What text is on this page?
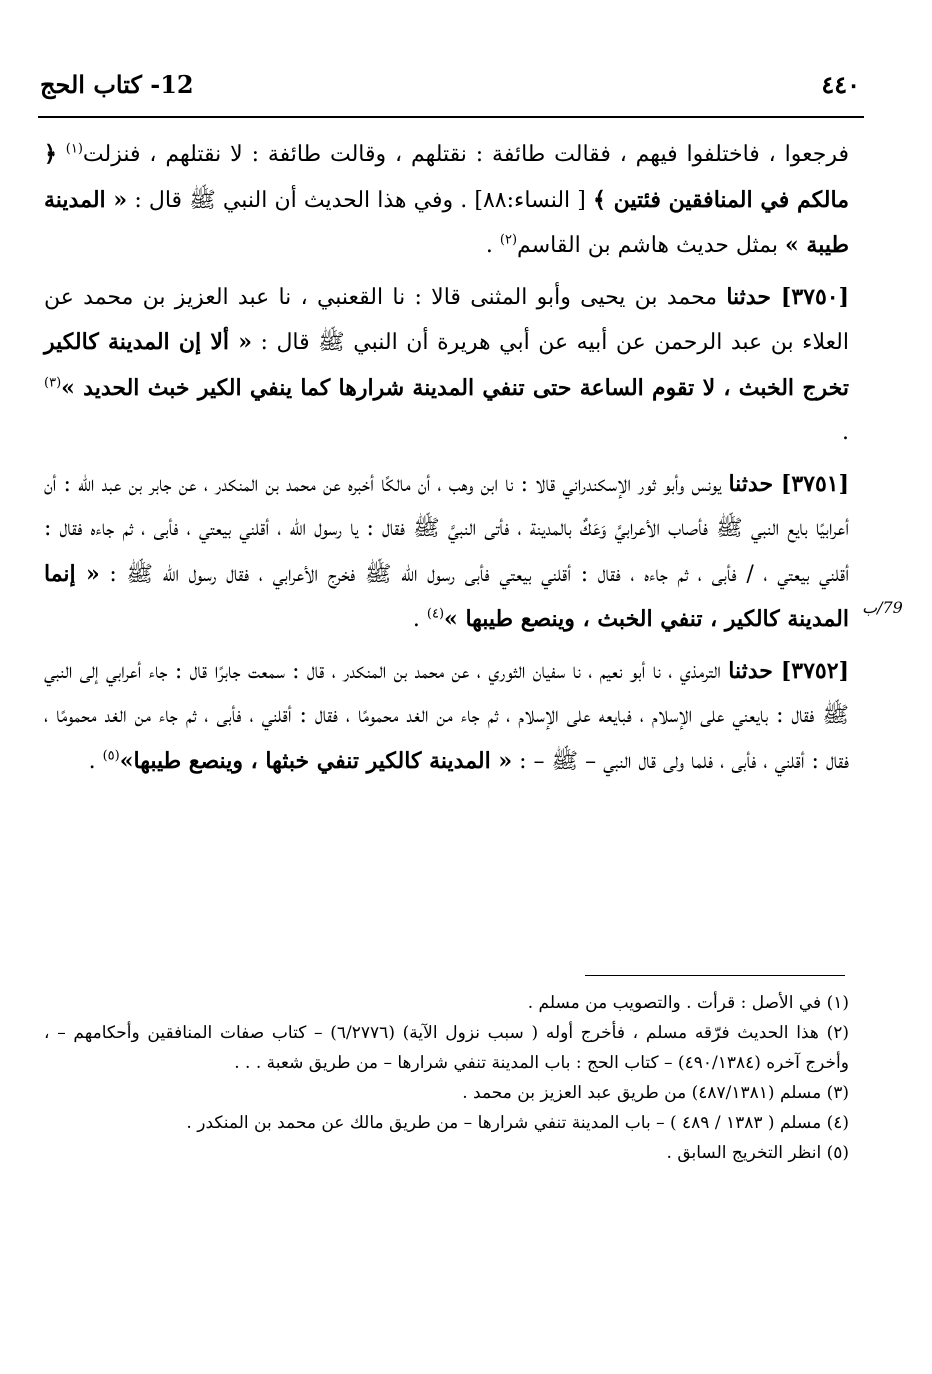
12- كتاب الحج	٤٤٠
79/ب

فرجعوا ، فاختلفوا فيهم ، فقالت طائفة : نقتلهم ، وقالت طائفة : لا نقتلهم ، فنزلت$^{(١)}$ ﴿ مالكم في المنافقين فئتين ﴾ [ النساء:٨٨] . وفي هذا الحديث أن النبي ﷺ قال : « المدينة طيبة » بمثل حديث هاشم بن القاسم$^{(٢)}$ .

[٣٧٥٠] حدثنا محمد بن يحيى وأبو المثنى قالا : نا القعنبي ، نا عبد العزيز بن محمد عن العلاء بن عبد الرحمن عن أبيه عن أبي هريرة أن النبي ﷺ قال : « ألا إن المدينة كالكير تخرج الخبث ، لا تقوم الساعة حتى تنفي المدينة شرارها كما ينفي الكير خبث الحديد »$^{(٣)}$ .

[٣٧٥١] حدثنا يونس وأبو ثور الإسكندراني قالا : نا ابن وهب ، أن مالكًا أخبره عن محمد بن المنكدر ، عن جابر بن عبد الله : أن أعرابيًا بايع النبي ﷺ فأصاب الأعرابيَّ وَعَكٌ بالمدينة ، فأتى النبيَّ ﷺ فقال : يا رسول الله ، أقلني بيعتي ، فأبى ، ثم جاءه فقال : أقلني بيعتي ، / فأبى ، ثم جاءه ، فقال : أقلني بيعتي فأبى رسول الله ﷺ فخرج الأعرابي ، فقال رسول الله ﷺ : « إنما المدينة كالكير ، تنفي الخبث ، وينصع طيبها »$^{(٤)}$ .

[٣٧٥٢] حدثنا الترمذي ، نا أبو نعيم ، نا سفيان الثوري ، عن محمد بن المنكدر ، قال : سمعت جابرًا قال : جاء أعرابي إلى النبي ﷺ فقال : بايعني على الإسلام ، فبايعه على الإسلام ، ثم جاء من الغد محمومًا ، فقال : أقلني ، فأبى ، ثم جاء من الغد محمومًا ، فقال : أقلني ، فأبى ، فلما ولى قال النبي – ﷺ – : « المدينة كالكير تنفي خبثها ، وينصع طيبها»$^{(٥)}$ .

(١) في الأصل : قرأت . والتصويب من مسلم .

(٢) هذا الحديث فرّقه مسلم ، فأخرج أوله ( سبب نزول الآية) (٦/٢٧٧٦) – كتاب صفات المنافقين وأحكامهم – ، وأخرج آخره (٤٩٠/١٣٨٤) – كتاب الحج : باب المدينة تنفي شرارها – من طريق شعبة . . .

(٣) مسلم (٤٨٧/١٣٨١) من طريق عبد العزيز بن محمد .

(٤) مسلم ( ١٣٨٣ / ٤٨٩ ) – باب المدينة تنفي شرارها – من طريق مالك عن محمد بن المنكدر .

(٥) انظر التخريج السابق .
